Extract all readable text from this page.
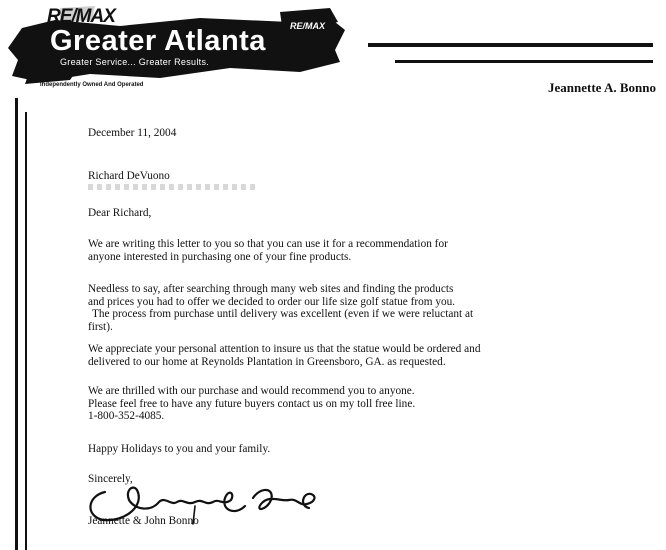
RE/MAX	RE/MAX
Greater Atlanta
Greater Service... Greater Results.
Independently Owned And Operated	Jeannette A. Bonno
December 11, 2004
Richard DeVuono
Dear Richard,
We are writing this letter to you so that you can use it for a recommendation for
anyone interested in purchasing one of your fine products.
Needless to say, after searching through many web sites and finding the products
and prices you had to offer we decided to order our life size golf statue from you.
The process from purchase until delivery was excellent (even if we were reluctant at
first).
We appreciate your personal attention to insure us that the statue would be ordered and
delivered to our home at Reynolds Plantation in Greensboro, GA. as requested.
We are thrilled with our purchase and would recommend you to anyone.
Please feel free to have any future buyers contact us on my toll free line.
1-800-352-4085.
Happy Holidays to you and your family.
Sincerely,
Jeannette & John Bonno
